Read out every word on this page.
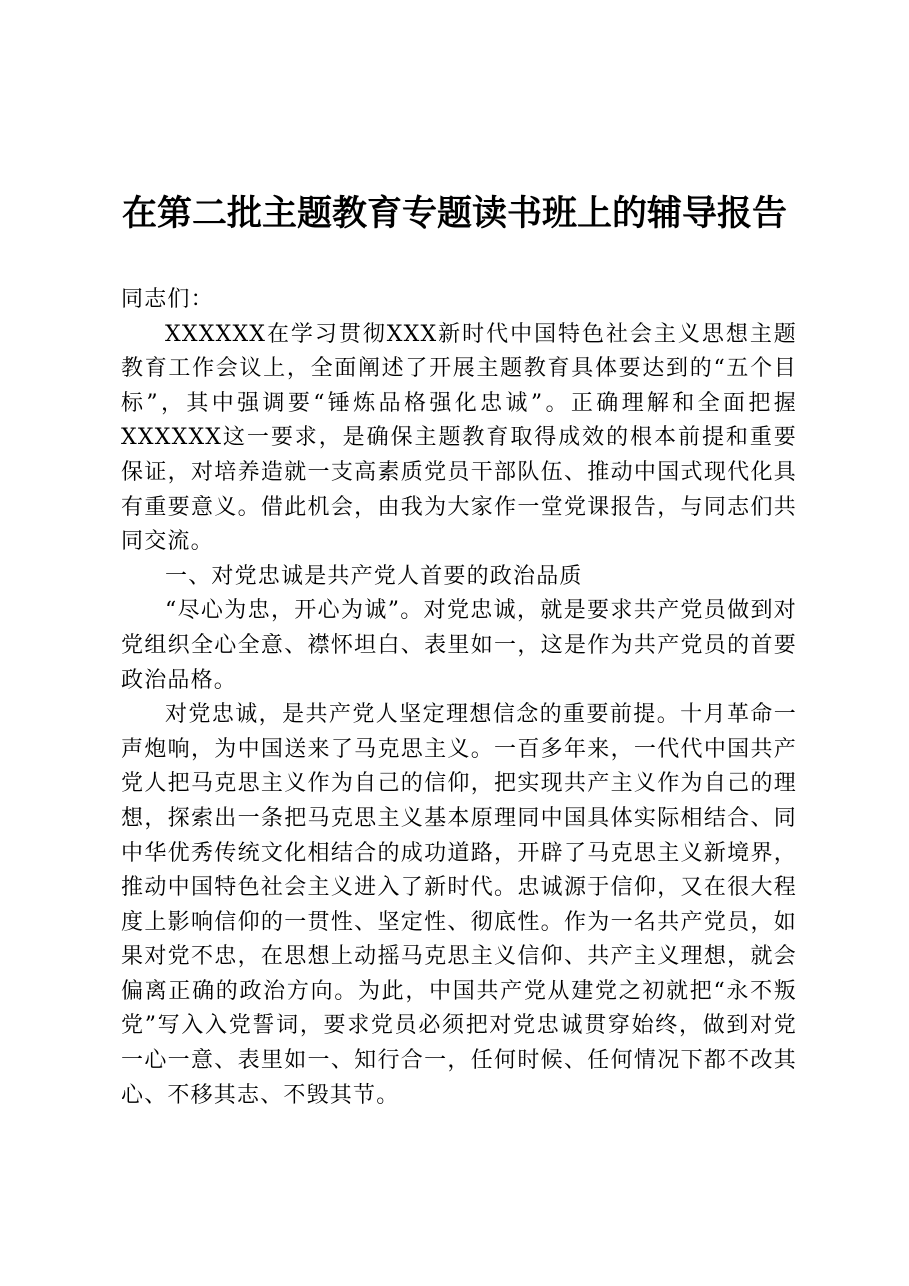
在第二批主题教育专题读书班上的辅导报告

同志们：

XXXXXX在学习贯彻XXX新时代中国特色社会主义思想主题教育工作会议上，全面阐述了开展主题教育具体要达到的“五个目标”，其中强调要“锤炼品格强化忠诚”。正确理解和全面把握XXXXXX这一要求，是确保主题教育取得成效的根本前提和重要保证，对培养造就一支高素质党员干部队伍、推动中国式现代化具有重要意义。借此机会，由我为大家作一堂党课报告，与同志们共同交流。

一、对党忠诚是共产党人首要的政治品质

“尽心为忠，开心为诚”。对党忠诚，就是要求共产党员做到对党组织全心全意、襟怀坦白、表里如一，这是作为共产党员的首要政治品格。

对党忠诚，是共产党人坚定理想信念的重要前提。十月革命一声炮响，为中国送来了马克思主义。一百多年来，一代代中国共产党人把马克思主义作为自己的信仰，把实现共产主义作为自己的理想，探索出一条把马克思主义基本原理同中国具体实际相结合、同中华优秀传统文化相结合的成功道路，开辟了马克思主义新境界，推动中国特色社会主义进入了新时代。忠诚源于信仰，又在很大程度上影响信仰的一贯性、坚定性、彻底性。作为一名共产党员，如果对党不忠，在思想上动摇马克思主义信仰、共产主义理想，就会偏离正确的政治方向。为此，中国共产党从建党之初就把“永不叛党”写入入党誓词，要求党员必须把对党忠诚贯穿始终，做到对党一心一意、表里如一、知行合一，任何时候、任何情况下都不改其心、不移其志、不毁其节。
